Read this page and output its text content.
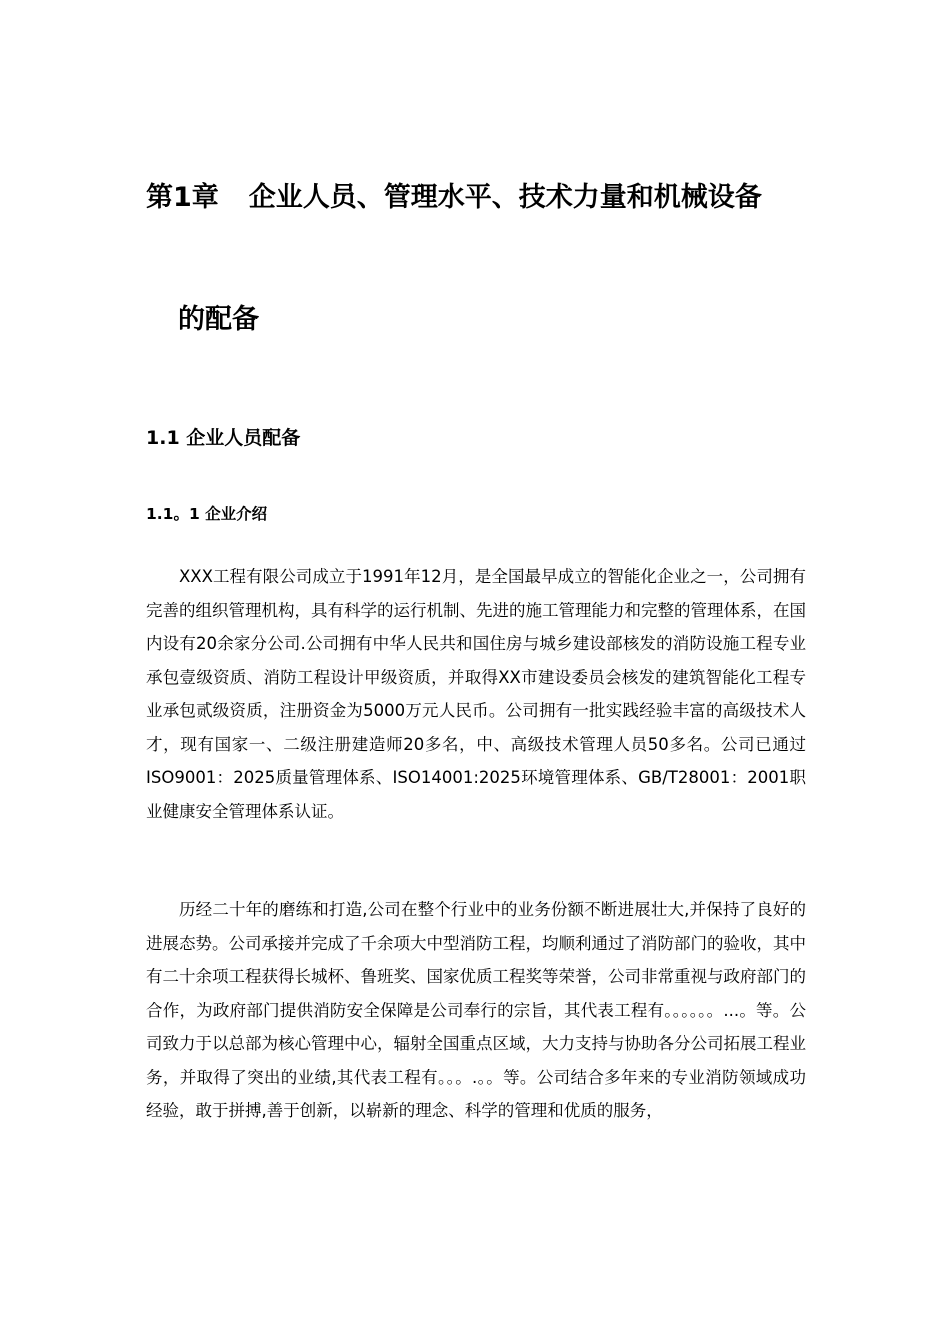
第1章 企业人员、管理水平、技术力量和机械设备
的配备
1.1 企业人员配备
1.1。1 企业介绍

XXX工程有限公司成立于1991年12月，是全国最早成立的智能化企业之一，公司拥有完善的组织管理机构，具有科学的运行机制、先进的施工管理能力和完整的管理体系，在国内设有20余家分公司.公司拥有中华人民共和国住房与城乡建设部核发的消防设施工程专业承包壹级资质、消防工程设计甲级资质，并取得XX市建设委员会核发的建筑智能化工程专业承包贰级资质，注册资金为5000万元人民币。公司拥有一批实践经验丰富的高级技术人才，现有国家一、二级注册建造师20多名，中、高级技术管理人员50多名。公司已通过ISO9001：2025质量管理体系、ISO14001:2025环境管理体系、GB/T28001：2001职业健康安全管理体系认证。

历经二十年的磨练和打造,公司在整个行业中的业务份额不断进展壮大,并保持了良好的进展态势。公司承接并完成了千余项大中型消防工程，均顺利通过了消防部门的验收，其中有二十余项工程获得长城杯、鲁班奖、国家优质工程奖等荣誉，公司非常重视与政府部门的合作，为政府部门提供消防安全保障是公司奉行的宗旨，其代表工程有。。。。。。...。等。公司致力于以总部为核心管理中心，辐射全国重点区域，大力支持与协助各分公司拓展工程业务，并取得了突出的业绩,其代表工程有。。。.。。等。公司结合多年来的专业消防领域成功经验，敢于拼搏,善于创新，以崭新的理念、科学的管理和优质的服务，
